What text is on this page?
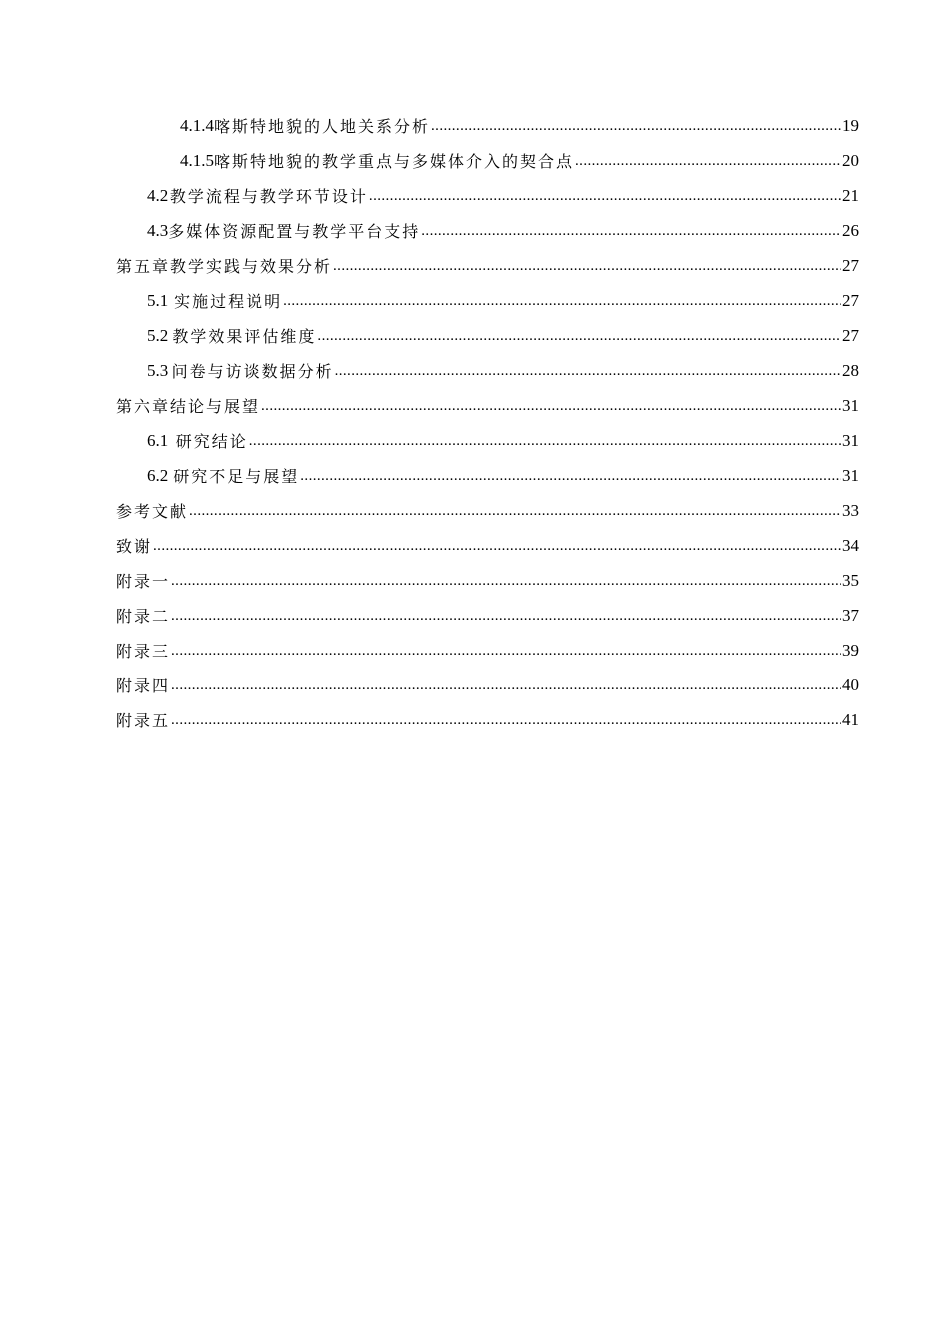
4.1.4 喀斯特地貌的人地关系分析 .....	19
4.1.5 喀斯特地貌的教学重点与多媒体介入的契合点 .....	20
4.2 教学流程与教学环节设计 .....	21
4.3 多媒体资源配置与教学平台支持 .....	26
第五章 教学实践与效果分析 .....	27
5.1 实施过程说明 .....	27
5.2 教学效果评估维度 .....	27
5.3 问卷与访谈数据分析 .....	28
第六章 结论与展望 .....	31
6.1 研究结论 .....	31
6.2 研究不足与展望 .....	31
参考文献 .....	33
致谢 .....	34
附录一 .....	35
附录二 .....	37
附录三 .....	39
附录四 .....	40
附录五 .....	41
